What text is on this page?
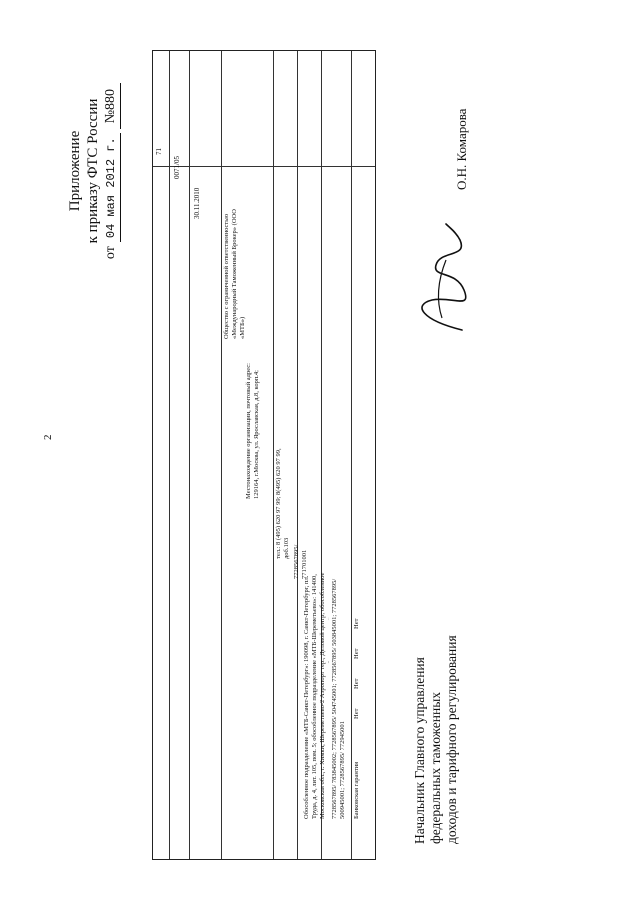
2
Приложение к приказу ФТС России
от
04 мая 2012 г.
№880
71
0071/05
30.11.2010
Общество с ограниченной ответственностью «Международный Таможенный Брокер» (ООО «МТБ»)
Местонахождение организации, почтовый адрес: 129164, г.Москва, ул. Ярославская, д.8, корп.4;
тел.: 8 (495) 620 97 99; 8(495) 620 97 99, доб.103 7728567895/ 771701001
Обособленное подразделение «МТБ-Санкт-Петербург»: 190098, г. Санкт-Петербург, пл. Труда, д. 4, лит. 105, пом. 5; обособленное подразделение «МТБ-Шереметьево»: 141400, Московская обл., г. Химки, Шереметьево-2 Аэропорт тер., Деловой центр; обособленное
7728567895/ 783845002; 7728567895/ 504745001; 7728567895/ 503845001; 7728567895/ 500945001; 7728567895/ 772945001
Банковская гарантия
Нет
Нет
Нет
Нет
Начальник Главного управления федеральных таможенных доходов и тарифного регулирования
О.Н. Комарова
